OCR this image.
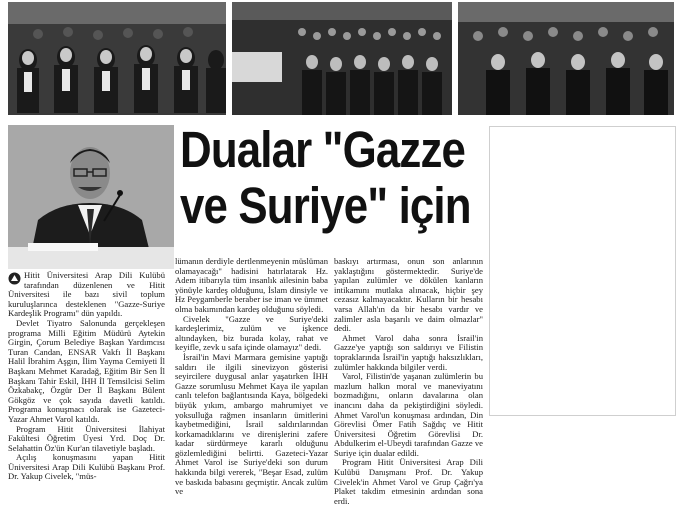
Dualar "Gazze
ve Suriye" için

Hitit Üniversitesi Arap Dili Kulübü tarafından düzenlenen ve Hitit Üniversitesi ile bazı sivil toplum kuruluşlarınca desteklenen "Gazze-Suriye Kardeşlik Programı" dün yapıldı.

Devlet Tiyatro Salonunda gerçekleşen programa Milli Eğitim Müdürü Aytekin Girgin, Çorum Belediye Başkan Yardımcısı Turan Candan, ENSAR Vakfı İl Başkanı Halil İbrahim Aşgın, İlim Yayma Cemiyeti İl Başkanı Mehmet Karadağ, Eğitim Bir Sen İl Başkanı Tahir Eskil, İHH İl Temsilcisi Selim Özkabakç, Özgür Der İl Başkanı Bülent Gökgöz ve çok sayıda davetli katıldı. Programa konuşmacı olarak ise Gazeteci-Yazar Ahmet Varol katıldı.

Program Hitit Üniversitesi İlahiyat Fakültesi Öğretim Üyesi Yrd. Doç Dr. Selahattin Öz'ün Kur'an tilavetiyle başladı.

Açılış konuşmasını yapan Hitit Üniversitesi Arap Dili Kulübü Başkanı Prof. Dr. Yakup Civelek, "müs-

lümanın derdiyle dertlenmeyenin müslüman olamayacağı" hadisini hatırlatarak Hz. Adem itibarıyla tüm insanlık ailesinin baba yönüyle kardeş olduğunu, İslam dinsiyle ve Hz Peygamberle beraber ise iman ve ümmet olma bakımından kardeş olduğunu söyledi.

Civelek "Gazze ve Suriye'deki kardeşlerimiz, zulüm ve işkence altındayken, biz burada kolay, rahat ve keyifle, zevk u safa içinde olamayız" dedi.

İsrail'in Mavi Marmara gemisine yaptığı saldırı ile ilgili sinevizyon gösterisi seyircilere duygusal anlar yaşatırken İHH Gazze sorumlusu Mehmet Kaya ile yapılan canlı telefon bağlantısında Kaya, bölgedeki büyük yıkım, ambargo mahrumiyet ve yoksulluğa rağmen insanların ümitlerini kaybetmediğini, İsrail saldırılarından korkamadıklarını ve direnişlerini zafere kadar sürdürmeye kararlı olduğunu gözlemlediğini belirtti. Gazeteci-Yazar Ahmet Varol ise Suriye'deki son durum hakkında bilgi vererek, "Beşar Esad, zulüm ve baskıda babasını geçmiştir. Ancak zulüm ve

baskıyı artırması, onun son anlarının yaklaştığını göstermektedir. Suriye'de yapılan zulümler ve dökülen kanların intikamını mutlaka alınacak, hiçbir şey cezasız kalmayacaktır. Kulların bir hesabı varsa Allah'ın da bir hesabı vardır ve zalimler asla başarılı ve daim olmazlar" dedi.

Ahmet Varol daha sonra İsrail'in Gazze'ye yaptığı son saldırıyı ve Filistin topraklarında İsrail'in yaptığı haksızlıkları, zulümler hakkında bilgiler verdi.

Varol, Filistin'de yaşanan zulümlerin bu mazlum halkın moral ve maneviyatını bozmadığını, onların davalarına olan inancını daha da pekiştirdiğini söyledi. Ahmet Varol'un konuşması ardından, Din Görevlisi Ömer Fatih Sağdıç ve Hitit Üniversitesi Öğretim Görevlisi Dr. Abdulkerim el-Ubeydi tarafından Gazze ve Suriye için dualar edildi.

Program Hitit Üniversitesi Arap Dili Kulübü Danışmanı Prof. Dr. Yakup Civelek'in Ahmet Varol ve Grup Çağrı'ya Plaket takdim etmesinin ardından sona erdi.
